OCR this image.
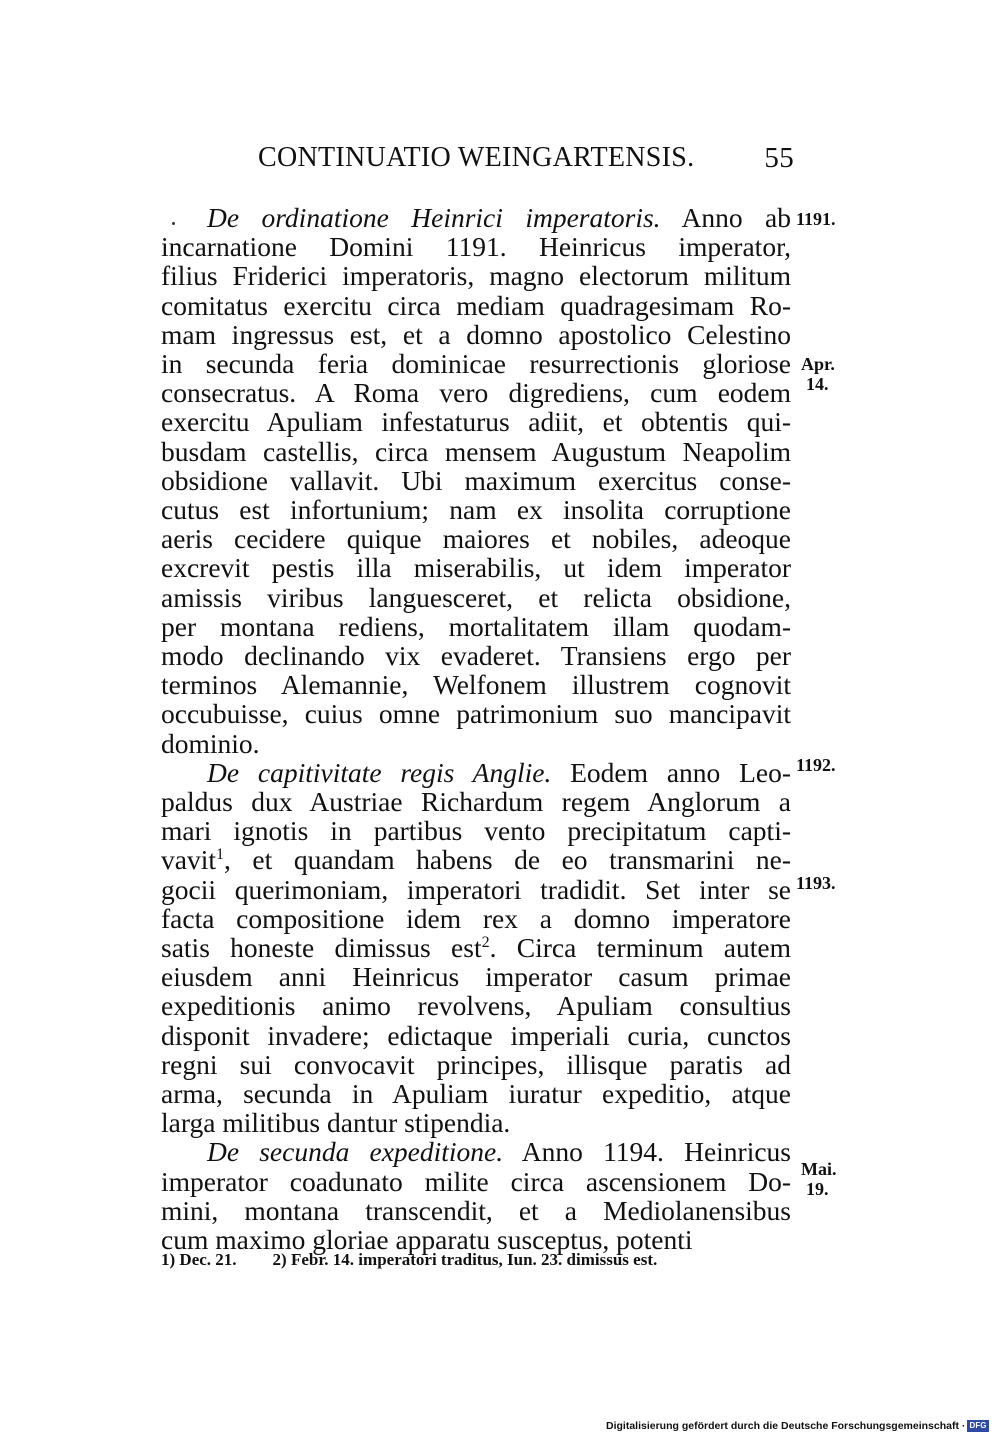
CONTINUATIO WEINGARTENSIS. 55
De ordinatione Heinrici imperatoris. Anno ab
incarnatione Domini 1191. Heinricus imperator,
filius Friderici imperatoris, magno electorum militum
comitatus exercitu circa mediam quadragesimam Ro-
mam ingressus est, et a domno apostolico Celestino
in secunda feria dominicae resurrectionis gloriose
consecratus. A Roma vero digrediens, cum eodem
exercitu Apuliam infestaturus adiit, et obtentis qui-
busdam castellis, circa mensem Augustum Neapolim
obsidione vallavit. Ubi maximum exercitus conse-
cutus est infortunium; nam ex insolita corruptione
aeris cecidere quique maiores et nobiles, adeoque
excrevit pestis illa miserabilis, ut idem imperator
amissis viribus languesceret, et relicta obsidione,
per montana rediens, mortalitatem illam quodam-
modo declinando vix evaderet. Transiens ergo per
terminos Alemannie, Welfonem illustrem cognovit
occubuisse, cuius omne patrimonium suo mancipavit
dominio.
De capitivitate regis Anglie. Eodem anno Leo-
paldus dux Austriae Richardum regem Anglorum a
mari ignotis in partibus vento precipitatum capti-
vavit$^1$, et quandam habens de eo transmarini ne-
gocii querimoniam, imperatori tradidit. Set inter se
facta compositione idem rex a domno imperatore
satis honeste dimissus est$^2$. Circa terminum autem
eiusdem anni Heinricus imperator casum primae
expeditionis animo revolvens, Apuliam consultius
disponit invadere; edictaque imperiali curia, cunctos
regni sui convocavit principes, illisque paratis ad
arma, secunda in Apuliam iuratur expeditio, atque
larga militibus dantur stipendia.
De secunda expeditione. Anno 1194. Heinricus
imperator coadunato milite circa ascensionem Do-
mini, montana transcendit, et a Mediolanensibus
cum maximo gloriae apparatu susceptus, potenti
1191.
Apr.
14.
1192.
1193.
Mai.
19.
1) Dec. 21. 2) Febr. 14. imperatori traditus, Iun. 23. dimissus est.
Digitalisierung gefördert durch die Deutsche Forschungsgemeinschaft · DFG
